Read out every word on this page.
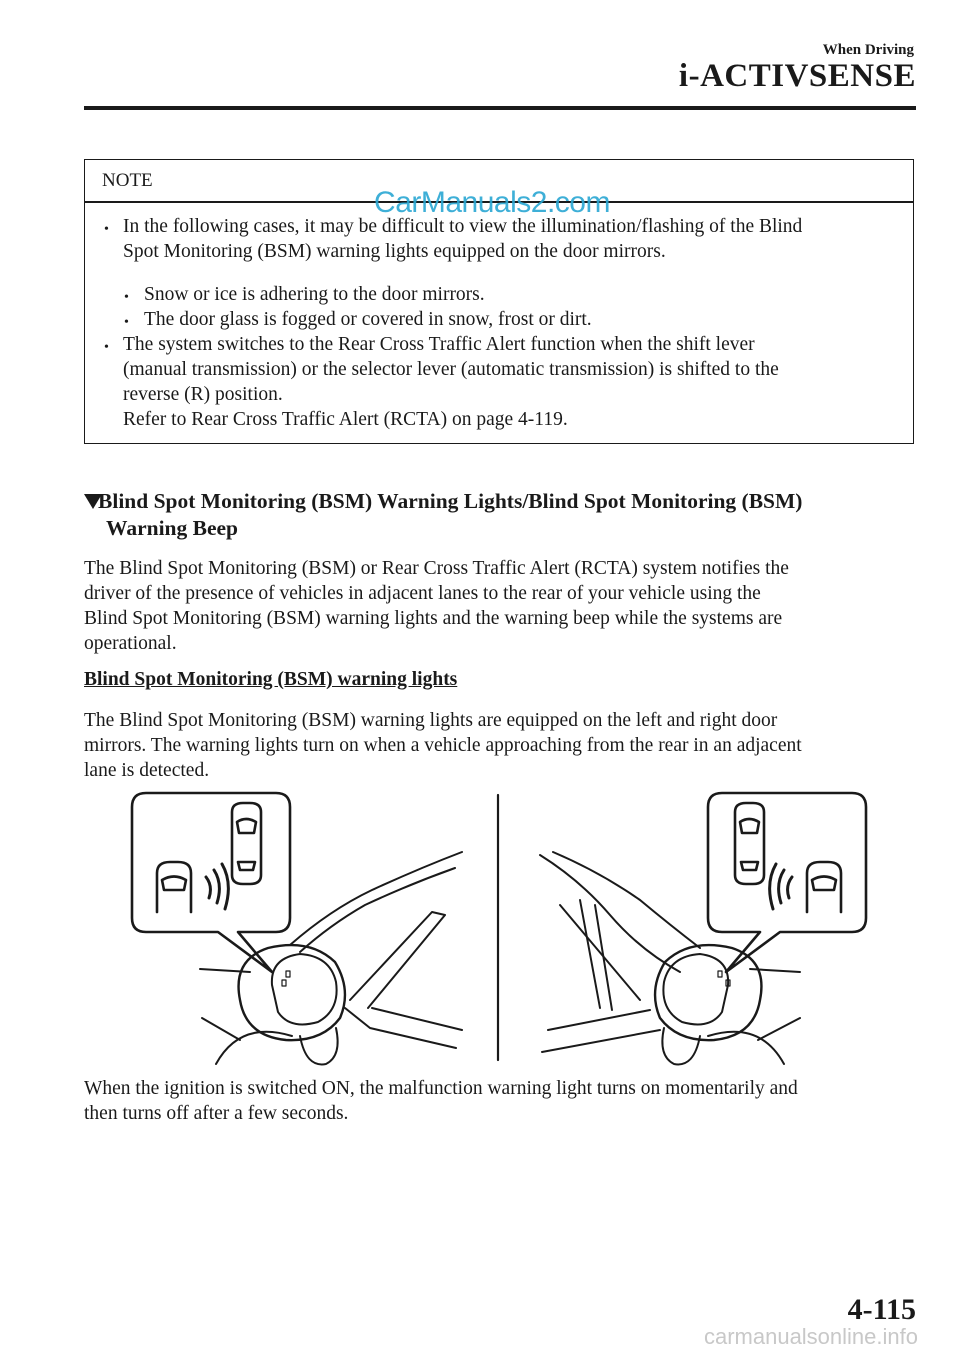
When Driving
i-ACTIVSENSE
NOTE
• In the following cases, it may be difficult to view the illumination/flashing of the Blind
Spot Monitoring (BSM) warning lights equipped on the door mirrors.
• Snow or ice is adhering to the door mirrors.
• The door glass is fogged or covered in snow, frost or dirt.
• The system switches to the Rear Cross Traffic Alert function when the shift lever
(manual transmission) or the selector lever (automatic transmission) is shifted to the
reverse (R) position.
Refer to Rear Cross Traffic Alert (RCTA) on page 4-119.
CarManuals2.com
Blind Spot Monitoring (BSM) Warning Lights/Blind Spot Monitoring (BSM)
Warning Beep
The Blind Spot Monitoring (BSM) or Rear Cross Traffic Alert (RCTA) system notifies the
driver of the presence of vehicles in adjacent lanes to the rear of your vehicle using the
Blind Spot Monitoring (BSM) warning lights and the warning beep while the systems are
operational.
Blind Spot Monitoring (BSM) warning lights
The Blind Spot Monitoring (BSM) warning lights are equipped on the left and right door
mirrors. The warning lights turn on when a vehicle approaching from the rear in an adjacent
lane is detected.
When the ignition is switched ON, the malfunction warning light turns on momentarily and
then turns off after a few seconds.
4-115
carmanualsonline.info
